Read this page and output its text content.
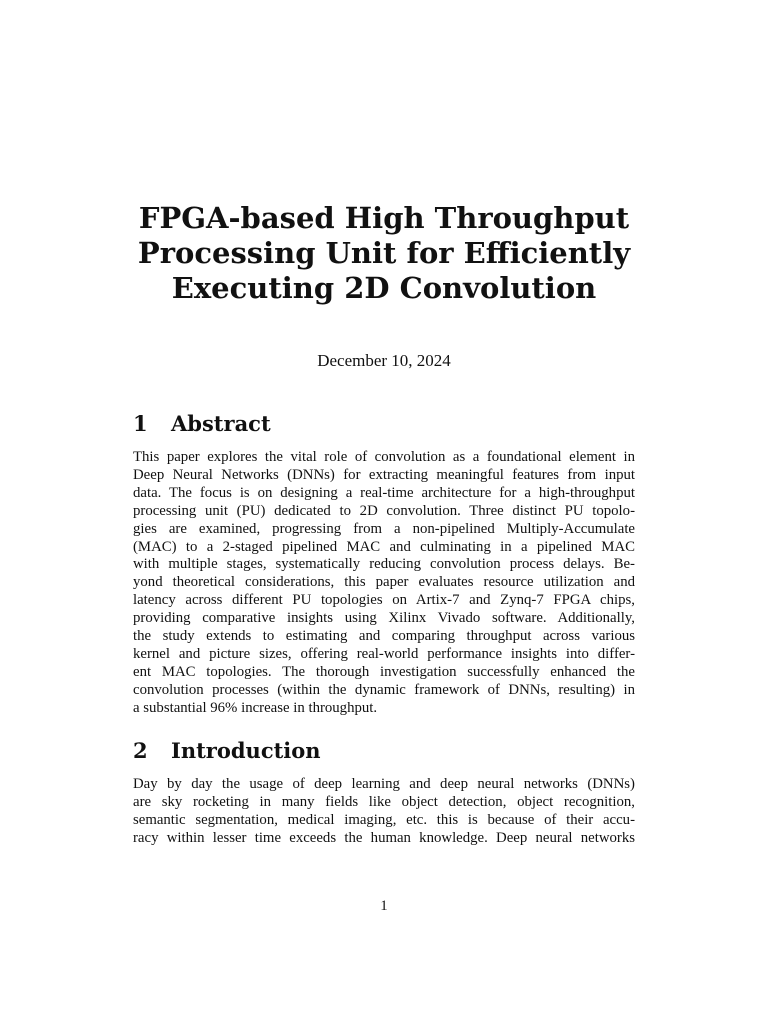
FPGA-based High Throughput
Processing Unit for Efficiently
Executing 2D Convolution
December 10, 2024
1 Abstract
This paper explores the vital role of convolution as a foundational element in
Deep Neural Networks (DNNs) for extracting meaningful features from input
data. The focus is on designing a real-time architecture for a high-throughput
processing unit (PU) dedicated to 2D convolution. Three distinct PU topolo-
gies are examined, progressing from a non-pipelined Multiply-Accumulate
(MAC) to a 2-staged pipelined MAC and culminating in a pipelined MAC
with multiple stages, systematically reducing convolution process delays. Be-
yond theoretical considerations, this paper evaluates resource utilization and
latency across different PU topologies on Artix-7 and Zynq-7 FPGA chips,
providing comparative insights using Xilinx Vivado software. Additionally,
the study extends to estimating and comparing throughput across various
kernel and picture sizes, offering real-world performance insights into differ-
ent MAC topologies. The thorough investigation successfully enhanced the
convolution processes (within the dynamic framework of DNNs, resulting) in
a substantial 96% increase in throughput.
2 Introduction
Day by day the usage of deep learning and deep neural networks (DNNs)
are sky rocketing in many fields like object detection, object recognition,
semantic segmentation, medical imaging, etc. this is because of their accu-
racy within lesser time exceeds the human knowledge. Deep neural networks
1
